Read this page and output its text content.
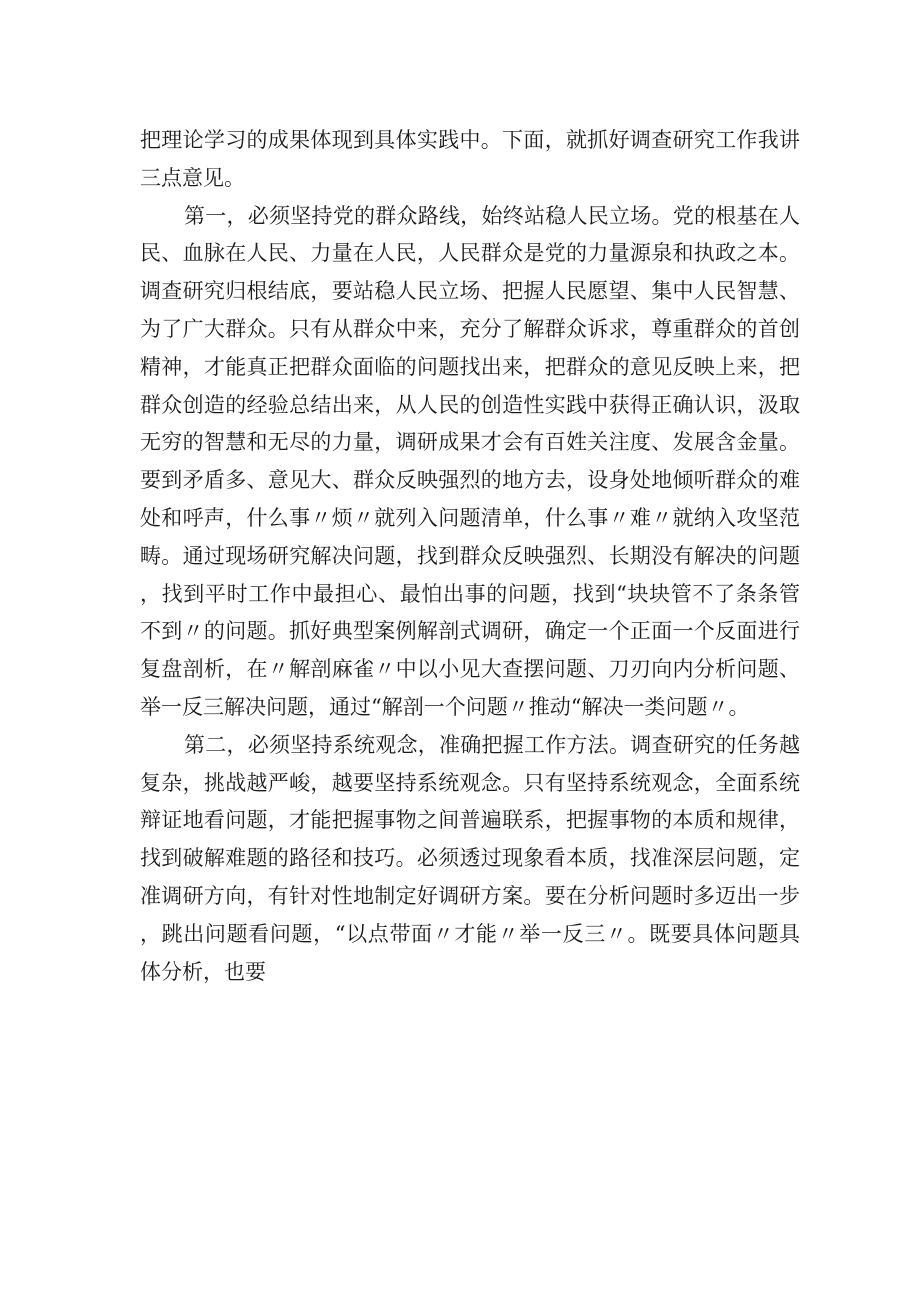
把理论学习的成果体现到具体实践中。下面，就抓好调查研究工作我讲三点意见。

第一，必须坚持党的群众路线，始终站稳人民立场。党的根基在人民、血脉在人民、力量在人民，人民群众是党的力量源泉和执政之本。调查研究归根结底，要站稳人民立场、把握人民愿望、集中人民智慧、为了广大群众。只有从群众中来，充分了解群众诉求，尊重群众的首创精神，才能真正把群众面临的问题找出来，把群众的意见反映上来，把群众创造的经验总结出来，从人民的创造性实践中获得正确认识，汲取无穷的智慧和无尽的力量，调研成果才会有百姓关注度、发展含金量。要到矛盾多、意见大、群众反映强烈的地方去，设身处地倾听群众的难处和呼声，什么事〃烦〃就列入问题清单，什么事〃难〃就纳入攻坚范畴。通过现场研究解决问题，找到群众反映强烈、长期没有解决的问题，找到平时工作中最担心、最怕出事的问题，找到“块块管不了条条管不到〃的问题。抓好典型案例解剖式调研，确定一个正面一个反面进行复盘剖析，在〃解剖麻雀〃中以小见大查摆问题、刀刃向内分析问题、举一反三解决问题，通过“解剖一个问题〃推动“解决一类问题〃。

第二，必须坚持系统观念，准确把握工作方法。调查研究的任务越复杂，挑战越严峻，越要坚持系统观念。只有坚持系统观念，全面系统辩证地看问题，才能把握事物之间普遍联系，把握事物的本质和规律，找到破解难题的路径和技巧。必须透过现象看本质，找准深层问题，定准调研方向，有针对性地制定好调研方案。要在分析问题时多迈出一步，跳出问题看问题，“以点带面〃才能〃举一反三〃。既要具体问题具体分析，也要
